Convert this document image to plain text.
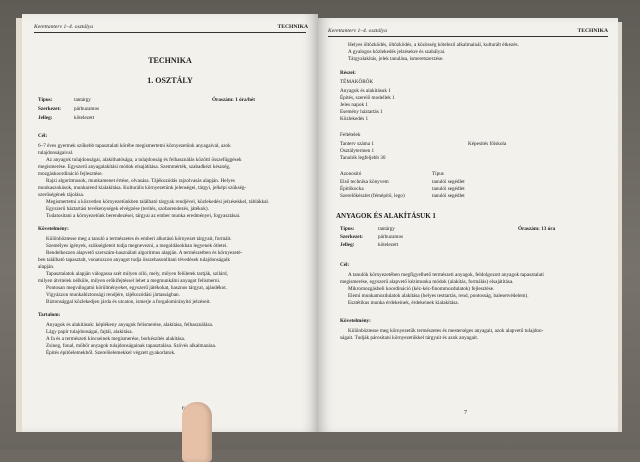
Kerettanterv 1–4. osztálya	TECHNIKA
TECHNIKA
1. OSZTÁLY
Típus:	tantárgy
Szerkezet: párhuzamos
Jelleg:	kötelezett
Óraszám: 1 óra/hét
Cél:
6–7 éves gyermek szűkebb tapasztalati körébe megismertetni környezetünk anyagaival, azok
tulajdonságaival.
Az anyagok tulajdonságai, alakíthatósága, a tulajdonság és felhasználás közötti összefüggések
megismerése. Egyszerű anyagalakítási módok elsajátítása. Szemmérték, szabadkézi készség,
mozgáskoordináció fejlesztése.
Rajzi algoritmusok, munkamenet értése, olvasása. Tájékozódás rajzolvasás alapján. Helyes
munkaszokások, munkarend kialakítása. Kulturális környezetünk jelenségei, tárgyi, jelképi szükség-
szerűségének tájolása.
Megismertetni a közvetlen környezetünkben található tárgyak rendjével, közlekedési jelzésekkel, táblákkal.
Egyszerű háztartási tevékenységek elvégzése (terítés, szobarendezés, játékok).
Tudatosítani a környezetünk berendezései, tárgyai az ember munka eredményei, fogyasztásai.
Követelmény:
Különböztesse meg a tanuló a természetes és emberi alkotású környezet tárgyait, formáit.
Személyes igények, szükségleteit tudja megnevezni, a megoldásokban legyenek ötletei.
Rendelkezzen alapvető szerszám-használati algoritmus alapján. A természetben és környezeté-
ben található tapasztalt, vonatozzon anyagot tudja összehasonlítani tévedések tulajdonságaik
alapján.
Tapasztalatok alapján válogassa szét milyen olló, mely, milyen felületek tartják, szilárd,
milyen átvitelek nélküle, milyen erőkifejtéssel lehet a megmunkálni anyagot felismerni.
Pontosan megválogatni körülményeket, egyszerű játékokat, hasznos tárgyat, ajándékot.
Vigyázzon munkabiztonsági rendjére, tájékozódási jártasságban.
Biztonsággal közlekedjen járda és utcaton, ismerje a forgalomirányító jelzéseit.
Tartalom:
Anyagok és alakításuk: képlékeny anyagok felismerése, alakítása, felhasználása.
Lágy papír tulajdonságai, fajtái, alakítása.
A fa és a természeti kincseinek megismerése, borkészítés alakítása.
Zsineg, fonal, műbőr anyagok tulajdonságainak tapasztalása. Szövés alkalmazása.
Építés építőelemekből. Szerelőelemekkel végzett gyakorlatok.
Kerettanterv 1–4. osztálya	TECHNIKA
Helyes öltözködés, öltözködés, a közösség kötelező alkalmainál, kulturált étkezés.
A gyalogos közlekedés jelzésekre és szabályai.
Tárgyalakítás, jelek tanulása, ismeretszerzése.
Részei:
TÉMAKÖRÖK
Anyagok és alakításuk 1
Építés, szerelő modellek 1
Jeles napok 1
Esemény háztartás 1
Közlekedés 1
Feltételek
Tanterv száma 1	Képesítés főiskola
Osztálytermen 1
Tanulók legfeljebb 30
Azonosító	Típus
Első technika könyvem	tanulói segédlet
Építőkocka	tanulói segédlet
Szerelőkészlet (fémépítő, lego)	tanulói segédlet
ANYAGOK ÉS ALAKÍTÁSUK 1
Típus:	tantárgy
Szerkezet:	párhuzamos
Jelleg:	kötelezett
Óraszám: 13 óra
Cél:
A tanulók környezetében megfigyelhető természeti anyagok, feldolgozott anyagok tapasztalati
megismerése, egyszerű alapvető kézimunka módok (alakítás, formálás) elsajátítása.
Mikromozgásbeli koordináció (kéz-kéz-finommozdulatok) fejlesztése.
Elemi munkamozdulatok alakítása (helyes testtartás, rend, pontosság, balesetvédelem).
Esztétikus munka érdekeinek, érdekeinek kialakítása.
Követelmény:
Különböztesse meg környezetük természetes és mesterséges anyagait, azok alapvető tulajdon-
ságait. Tudják párosítani környezetükkel tárgyait és azok anyagait.
7
